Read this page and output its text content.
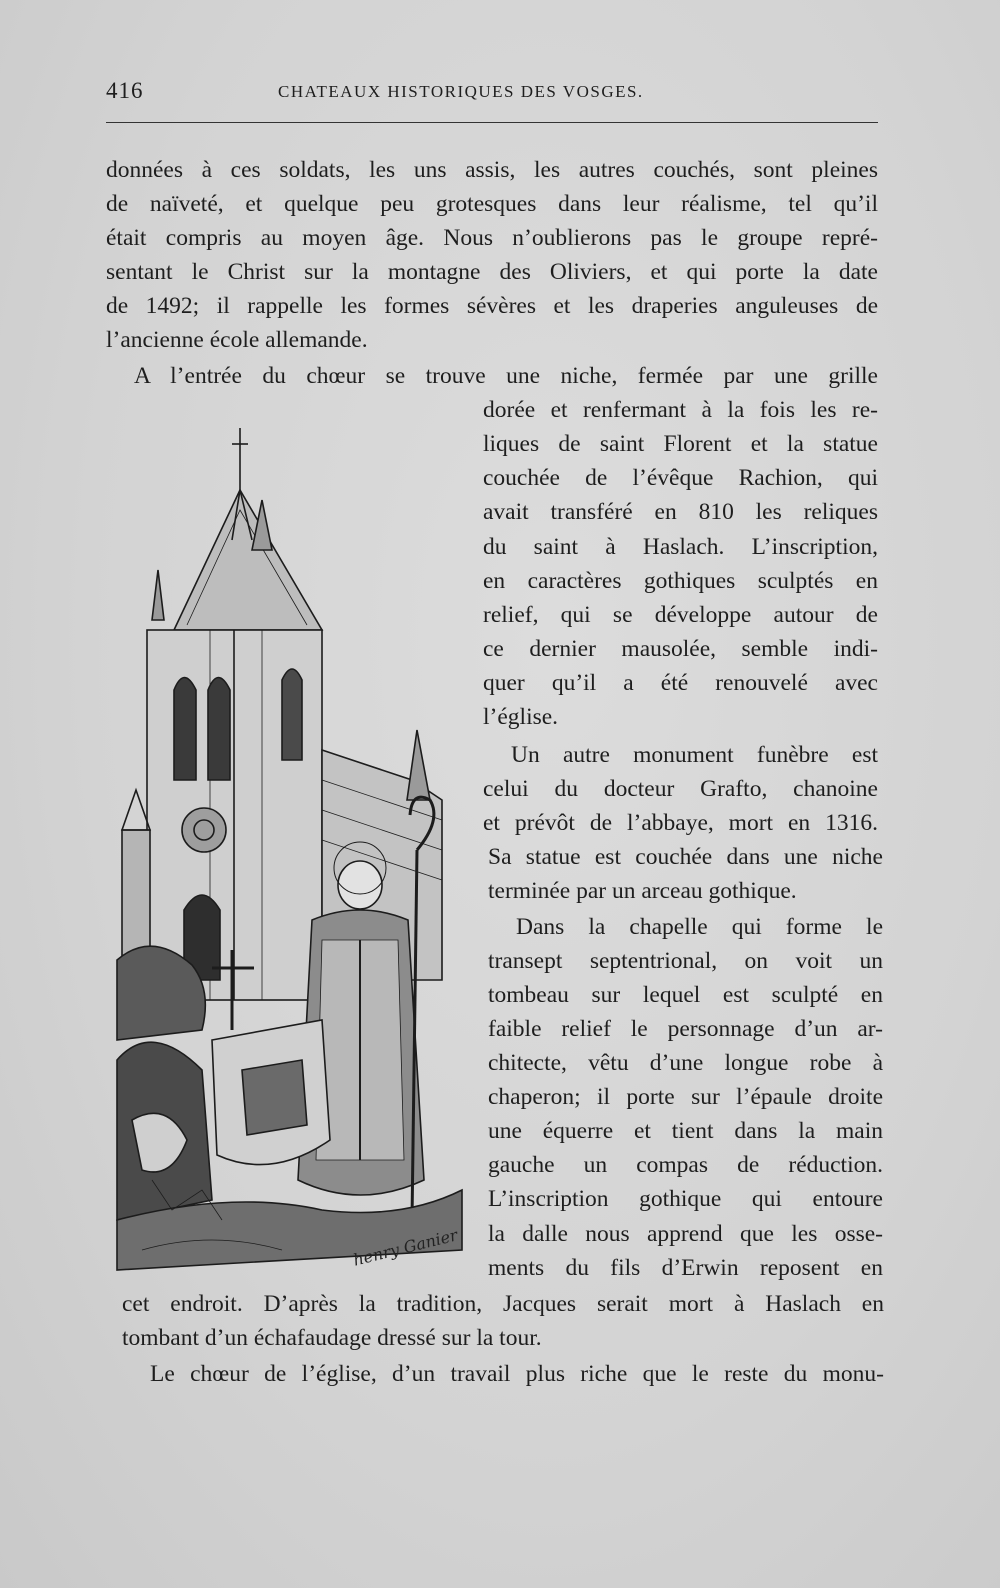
416	CHATEAUX HISTORIQUES DES VOSGES.
données à ces soldats, les uns assis, les autres couchés, sont pleines
de naïveté, et quelque peu grotesques dans leur réalisme, tel qu’il
était compris au moyen âge. Nous n’oublierons pas le groupe repré-
sentant le Christ sur la montagne des Oliviers, et qui porte la date
de 1492; il rappelle les formes sévères et les draperies anguleuses de
l’ancienne école allemande.
A l’entrée du chœur se trouve une niche, fermée par une grille
dorée et renfermant à la fois les re-
liques de saint Florent et la statue
couchée de l’évêque Rachion, qui
avait transféré en 810 les reliques
du saint à Haslach. L’inscription,
en caractères gothiques sculptés en
relief, qui se développe autour de
ce dernier mausolée, semble indi-
quer qu’il a été renouvelé avec
l’église.
Un autre monument funèbre est
celui du docteur Grafto, chanoine
et prévôt de l’abbaye, mort en 1316.
Sa statue est couchée dans une niche
terminée par un arceau gothique.
Dans la chapelle qui forme le
transept septentrional, on voit un
tombeau sur lequel est sculpté en
faible relief le personnage d’un ar-
chitecte, vêtu d’une longue robe à
chaperon; il porte sur l’épaule droite
une équerre et tient dans la main
gauche un compas de réduction.
L’inscription gothique qui entoure
la dalle nous apprend que les osse-
ments du fils d’Erwin reposent en
cet endroit. D’après la tradition, Jacques serait mort à Haslach en
tombant d’un échafaudage dressé sur la tour.
Le chœur de l’église, d’un travail plus riche que le reste du monu-
henry Ganier
